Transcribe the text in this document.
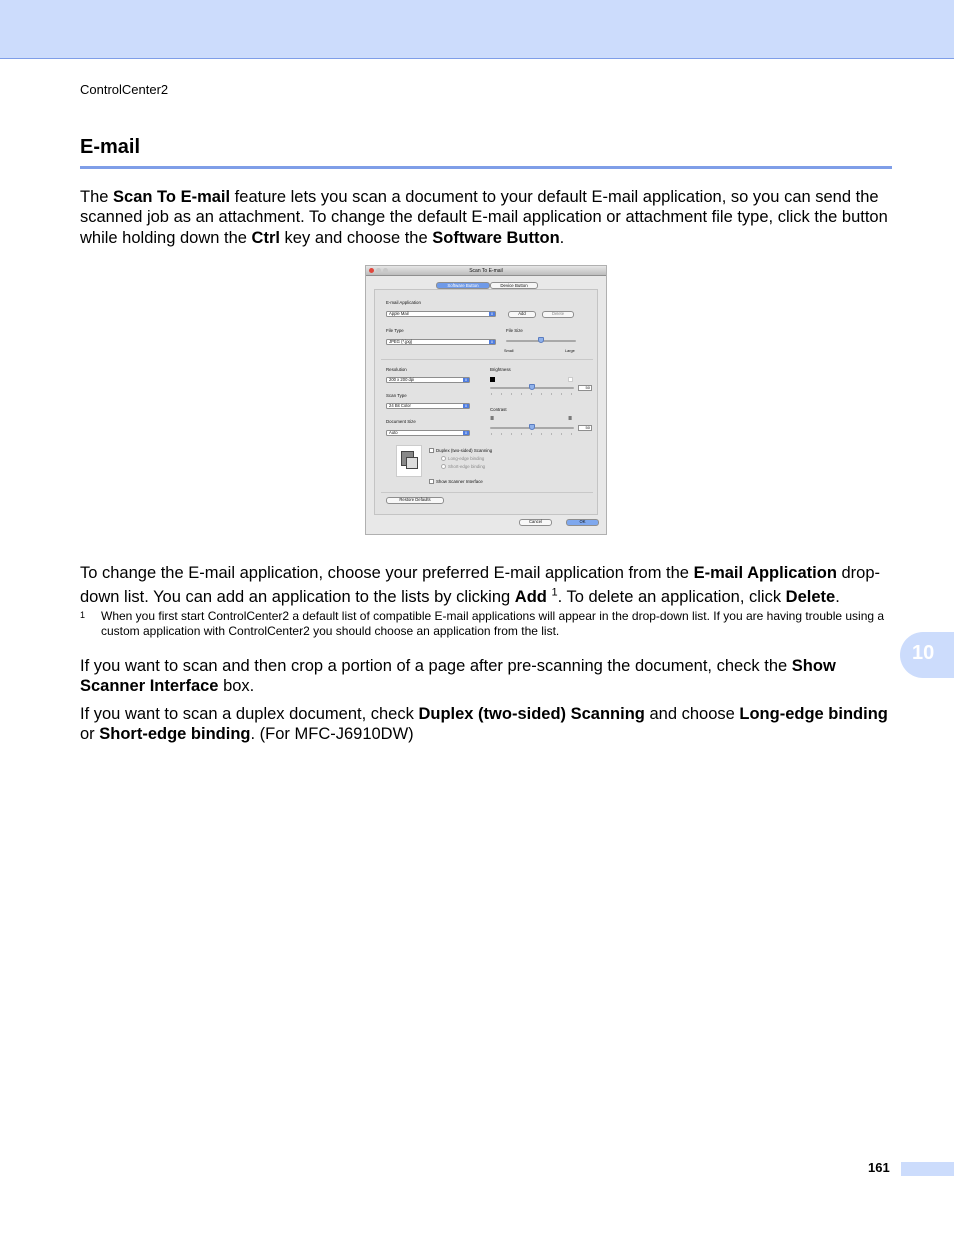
ControlCenter2
E-mail

The Scan To E-mail feature lets you scan a document to your default E-mail application, so you can send the scanned job as an attachment. To change the default E-mail application or attachment file type, click the button while holding down the Ctrl key and choose the Software Button.

Scan To E-mail
Software Button	Device Button
E-mail Application
Apple Mail	⇕	Add	Delete
File Type
JPEG (*.jpg)	⇕
File Size
Small	Large
Resolution
200 x 200 dpi	⇕
Scan Type
24 Bit Color	⇕
Document Size
Auto	⇕
Brightness
50
Contrast
≣	≣
50
Duplex (two-sided) Scanning
Long-edge binding
Short-edge binding
Show Scanner Interface
Restore Defaults
Cancel	OK

To change the E-mail application, choose your preferred E-mail application from the E-mail Application drop-down list. You can add an application to the lists by clicking Add $^1$. To delete an application, click Delete.

1 When you first start ControlCenter2 a default list of compatible E-mail applications will appear in the drop-down list. If you are having trouble using a custom application with ControlCenter2 you should choose an application from the list.

If you want to scan and then crop a portion of a page after pre-scanning the document, check the Show Scanner Interface box.

If you want to scan a duplex document, check Duplex (two-sided) Scanning and choose Long-edge binding or Short-edge binding. (For MFC-J6910DW)

10
161
